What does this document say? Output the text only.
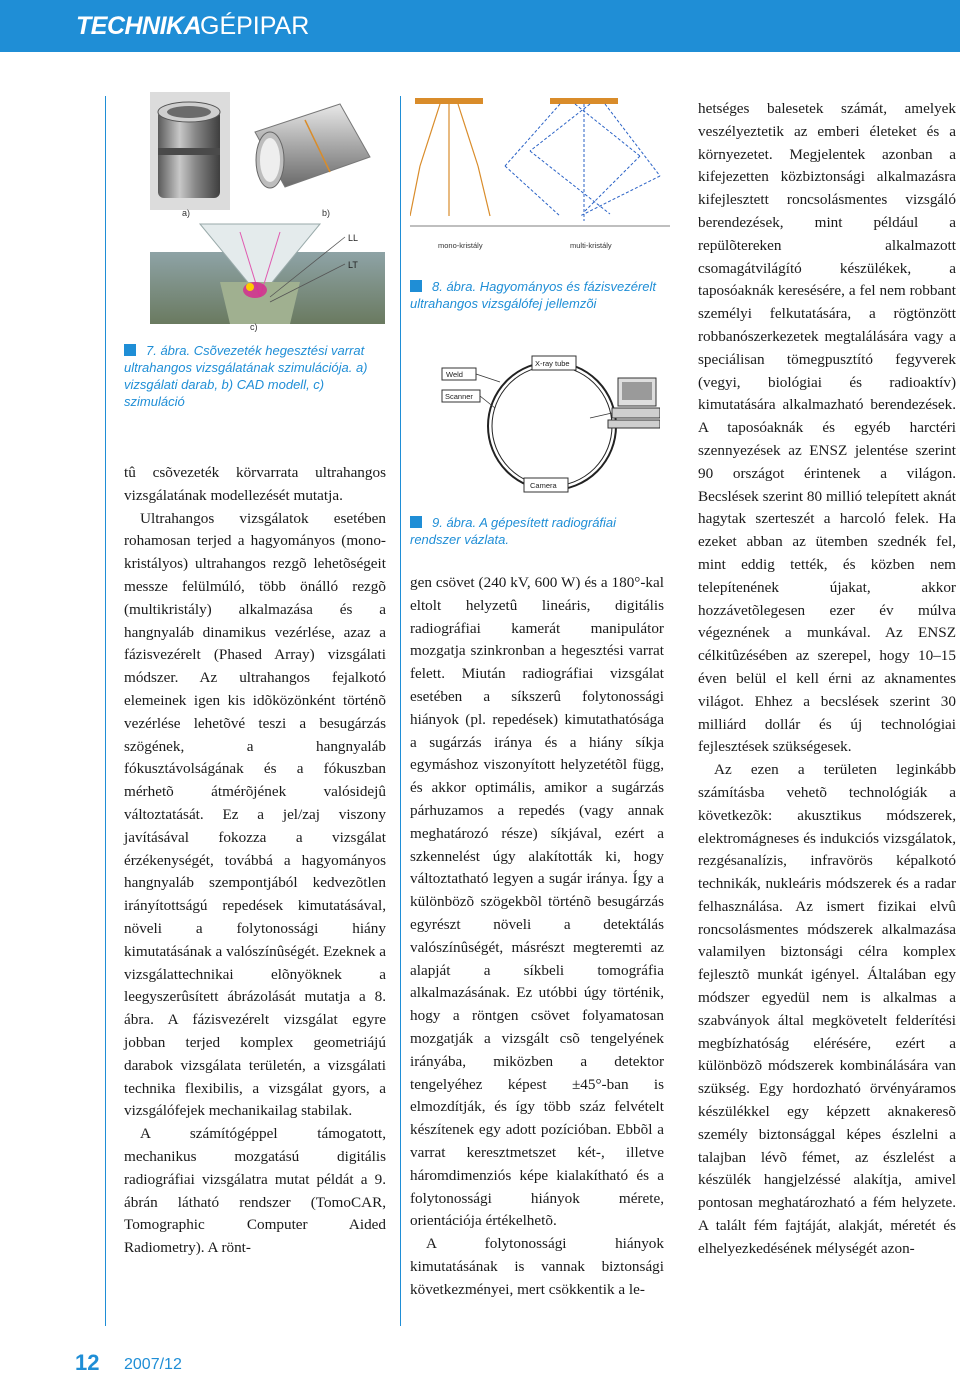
TECHNIKA
GÉPIPAR
a)	b)
LL
LT
c)
7. ábra. Csõvezeték hegesztési varrat ultrahangos vizsgálatának szimulációja. a) vizsgálati darab, b) CAD modell, c) szimuláció

tû csõvezeték körvarrata ultrahangos vizsgálatának modellezését mutatja.

Ultrahangos vizsgálatok esetében rohamosan terjed a hagyományos (mono-kristályos) ultrahangos rezgõ lehetõségeit messze felülmúló, több önálló rezgõ (multikristály) alkalmazása és a hangnyaláb dinamikus vezérlése, azaz a fázisvezérelt (Phased Array) vizsgálati módszer. Az ultrahangos fejalkotó elemeinek igen kis idõközönként történõ vezérlése lehetõvé teszi a besugárzás szögének, a hangnyaláb fókusztávolságának és a fókuszban mérhetõ átmérõjének valósidejû változtatását. Ez a jel/zaj viszony javításával fokozza a vizsgálat érzékenységét, továbbá a hagyományos hangnyaláb szempontjából kedvezõtlen irányítottságú repedések kimutatásával, növeli a folytonossági hiány kimutatásának a valószínûségét. Ezeknek a vizsgálattechnikai elõnyöknek a leegyszerûsített ábrázolását mutatja a 8. ábra. A fázisvezérelt vizsgálat egyre jobban terjed komplex geometriájú darabok vizsgálata területén, a vizsgálati technika flexibilis, a vizsgálat gyors, a vizsgálófejek mechanikailag stabilak.

A számítógéppel támogatott, mechanikus mozgatású digitális radiográfiai vizsgálatra mutat példát a 9. ábrán látható rendszer (TomoCAR, Tomographic Computer Aided Radiometry). A rönt-

mono-kristály	multi-kristály
8. ábra. Hagyományos és fázisvezérelt ultrahangos vizsgálófej jellemzõi
X-ray tube
Weld
Scanner
Camera
9. ábra. A gépesített radiográfiai rendszer vázlata.

gen csövet (240 kV, 600 W) és a 180°-kal eltolt helyzetû lineáris, digitális radiográfiai kamerát manipulátor mozgatja szinkronban a hegesztési varrat felett. Miután radiográfiai vizsgálat esetében a síkszerû folytonossági hiányok (pl. repedések) kimutathatósága a sugárzás iránya és a hiány síkja egymáshoz viszonyított helyzetétõl függ, és akkor optimális, amikor a sugárzás párhuzamos a repedés (vagy annak meghatározó része) síkjával, ezért a szkennelést úgy alakították ki, hogy változtatható legyen a sugár iránya. Így a különbözõ szögekbõl történõ besugárzás egyrészt növeli a detektálás valószínûségét, másrészt megteremti az alapját a síkbeli tomográfia alkalmazásának. Ez utóbbi úgy történik, hogy a röntgen csövet folyamatosan mozgatják a vizsgált csõ tengelyének irányába, miközben a detektor tengelyéhez képest ±45°-ban is elmozdítják, és így több száz felvételt készítenek egy adott pozícióban. Ebbõl a varrat keresztmetszet két-, illetve háromdimenziós képe kialakítható és a folytonossági hiányok mérete, orientációja értékelhetõ.

A folytonossági hiányok kimutatásának is vannak biztonsági következményei, mert csökkentik a le-

hetséges balesetek számát, amelyek veszélyeztetik az emberi életeket és a környezetet. Megjelentek azonban a kifejezetten közbiztonsági alkalmazásra kifejlesztett roncsolásmentes vizsgáló berendezések, mint például a repülõtereken alkalmazott csomagátvilágító készülékek, a taposóaknák keresésére, a fel nem robbant személyi felkutatására, a rögtönzött robbanószerkezetek megtalálására vagy a speciálisan tömegpusztító fegyverek (vegyi, biológiai és radioaktív) kimutatására alkalmazható berendezések. A taposóaknák és egyéb harctéri szennyezések az ENSZ jelentése szerint 90 országot érintenek a világon. Becslések szerint 80 millió telepített aknát hagytak szerteszét a harcoló felek. Ha ezeket abban az ütemben szednék fel, mint eddig tették, és közben nem telepítenének újakat, akkor hozzávetõlegesen ezer év múlva végeznének a munkával. Az ENSZ célkitûzésében az szerepel, hogy 10–15 éven belül el kell érni az aknamentes világot. Ehhez a becslések szerint 30 milliárd dollár és új technológiai fejlesztések szükségesek.

Az ezen a területen leginkább számításba vehetõ technológiák a következõk: akusztikus módszerek, elektromágneses és indukciós vizsgálatok, rezgésanalízis, infravörös képalkotó technikák, nukleáris módszerek és a radar felhasználása. Az ismert fizikai elvû roncsolásmentes módszerek alkalmazása valamilyen biztonsági célra komplex fejlesztõ munkát igényel. Általában egy módszer egyedül nem is alkalmas a szabványok által megkövetelt felderítési megbízhatóság elérésére, ezért a különbözõ módszerek kombinálására van szükség. Egy hordozható örvényáramos készülékkel egy képzett aknakeresõ személy biztonsággal képes észlelni a talajban lévõ fémet, az észlelést a készülék hangjelzéssé alakítja, amivel pontosan meghatározható a fém helyzete. A talált fém fajtáját, alakját, méretét és elhelyezkedésének mélységét azon-

12 2007/12
